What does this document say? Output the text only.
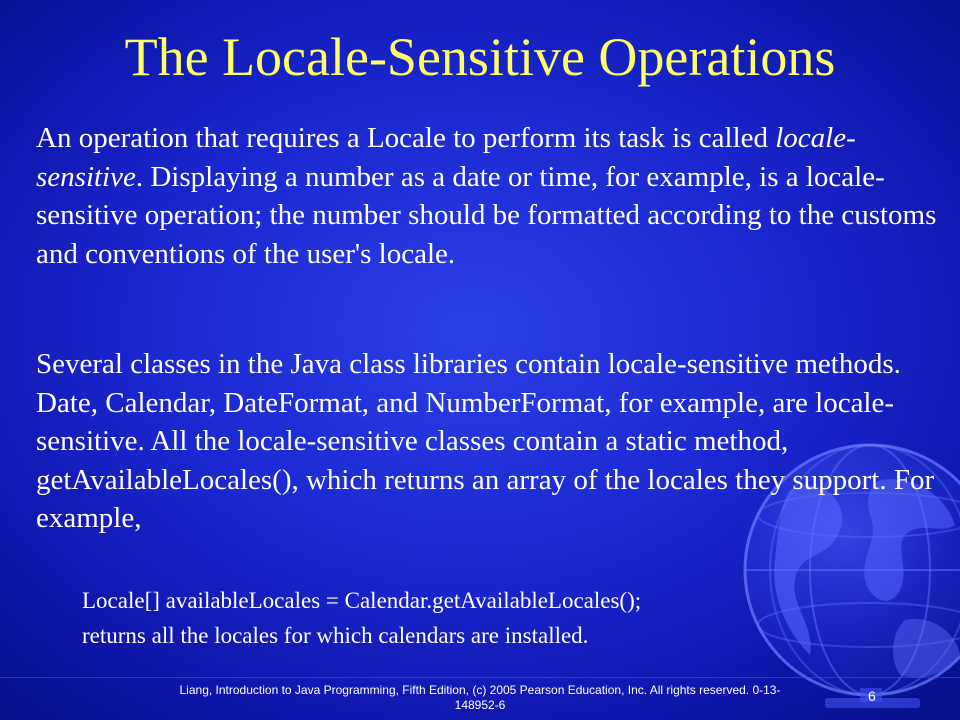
The Locale-Sensitive Operations
An operation that requires a Locale to perform its task is called locale-sensitive. Displaying a number as a date or time, for example, is a locale-sensitive operation; the number should be formatted according to the customs and conventions of the user's locale.
Several classes in the Java class libraries contain locale-sensitive methods. Date, Calendar, DateFormat, and NumberFormat, for example, are locale-sensitive. All the locale-sensitive classes contain a static method, getAvailableLocales(), which returns an array of the locales they support. For example,
Locale[] availableLocales = Calendar.getAvailableLocales();
returns all the locales for which calendars are installed.
Liang, Introduction to Java Programming, Fifth Edition, (c) 2005 Pearson Education, Inc. All rights reserved. 0-13-148952-6
6
